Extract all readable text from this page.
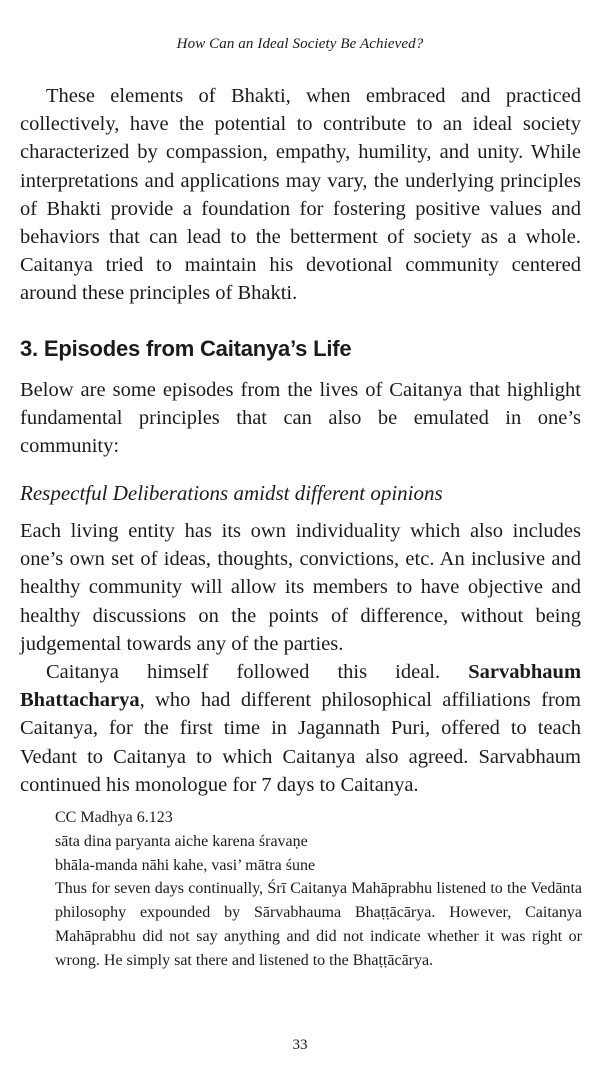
How Can an Ideal Society Be Achieved?

These elements of Bhakti, when embraced and practiced collectively, have the potential to contribute to an ideal society characterized by compassion, empathy, humility, and unity. While interpretations and applications may vary, the underlying principles of Bhakti provide a foundation for fostering positive values and behaviors that can lead to the betterment of society as a whole. Caitanya tried to maintain his devotional community centered around these principles of Bhakti.

3. Episodes from Caitanya’s Life

Below are some episodes from the lives of Caitanya that highlight fundamental principles that can also be emulated in one’s community:

Respectful Deliberations amidst different opinions

Each living entity has its own individuality which also includes one’s own set of ideas, thoughts, convictions, etc. An inclusive and healthy community will allow its members to have objective and healthy discussions on the points of difference, without being judgemental towards any of the parties.

Caitanya himself followed this ideal. Sarvabhaum
Bhattacharya, who had different philosophical affiliations from Caitanya, for the first time in Jagannath Puri, offered to teach Vedant to Caitanya to which Caitanya also agreed. Sarvabhaum continued his monologue for 7 days to Caitanya.

CC Madhya 6.123

sāta dina paryanta aiche karena śravaṇe

bhāla-manda nāhi kahe, vasi’ mātra śune

Thus for seven days continually, Śrī Caitanya Mahāprabhu listened to the Vedānta philosophy expounded by Sārvabhauma Bhaṭṭācārya. However, Caitanya Mahāprabhu did not say anything and did not indicate whether it was right or wrong. He simply sat there and listened to the Bhaṭṭācārya.

33
